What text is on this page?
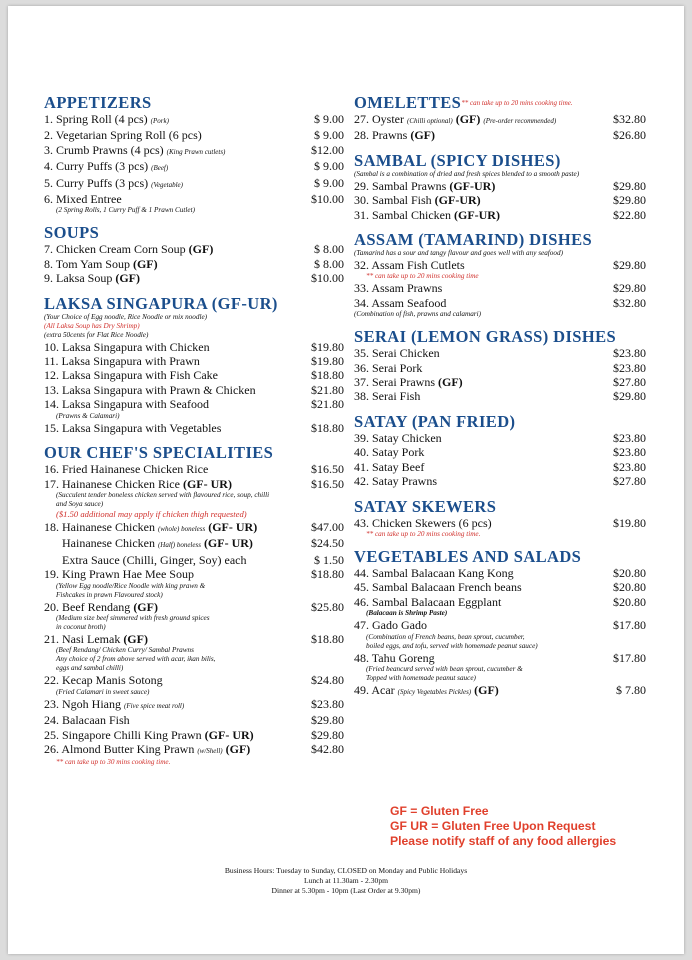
APPETIZERS
1. Spring Roll (4 pcs) (Pork)	$ 9.00
2. Vegetarian Spring Roll (6 pcs)	$ 9.00
3. Crumb Prawns (4 pcs) (King Prawn cutlets)	$12.00
4. Curry Puffs (3 pcs) (Beef)	$ 9.00
5. Curry Puffs (3 pcs) (Vegetable)	$ 9.00
6. Mixed Entree	$10.00
(2 Spring Rolls, 1 Curry Puff & 1 Prawn Cutlet)
SOUPS
7. Chicken Cream Corn Soup (GF)	$ 8.00
8. Tom Yam Soup (GF)	$ 8.00
9. Laksa Soup (GF)	$10.00
LAKSA SINGAPURA (GF-UR)
(Your Choice of Egg noodle, Rice Noodle or mix noodle)
(All Laksa Soup has Dry Shrimp)
(extra 50cents for Flat Rice Noodle)
10. Laksa Singapura with Chicken	$19.80
11. Laksa Singapura with Prawn	$19.80
12. Laksa Singapura with Fish Cake	$18.80
13. Laksa Singapura with Prawn & Chicken	$21.80
14. Laksa Singapura with Seafood	$21.80
(Prawns & Calamari)
15. Laksa Singapura with Vegetables	$18.80
OUR CHEF'S SPECIALITIES
16. Fried Hainanese Chicken Rice	$16.50
17. Hainanese Chicken Rice (GF- UR)	$16.50
(Succulent tender boneless chicken served with flavoured rice, soup, chilli
and Soya sauce)
($1.50 additional may apply if chicken thigh requested)
18. Hainanese Chicken (whole) boneless (GF- UR)	$47.00
Hainanese Chicken (Half) boneless (GF- UR)	$24.50
Extra Sauce (Chilli, Ginger, Soy) each	$ 1.50
19. King Prawn Hae Mee Soup	$18.80
(Yellow Egg noodle/Rice Noodle with king prawn &
Fishcakes in prawn Flavoured stock)
20. Beef Rendang (GF)	$25.80
(Medium size beef simmered with fresh ground spices
in coconut broth)
21. Nasi Lemak (GF)	$18.80
(Beef Rendang/ Chicken Curry/ Sambal Prawns
Any choice of 2 from above served with acar, ikan bilis,
eggs and sambal chilli)
22. Kecap Manis Sotong	$24.80
(Fried Calamari in sweet sauce)
23. Ngoh Hiang (Five spice meat roll)	$23.80
24. Balacaan Fish	$29.80
25. Singapore Chilli King Prawn (GF- UR)	$29.80
26. Almond Butter King Prawn (w/Shell) (GF)	$42.80
** can take up to 30 mins cooking time.
$OMELETTES^{** can take up to 20 mins cooking time.}$
27. Oyster (Chilli optional) (GF) (Pre-order recommended)	$32.80
28. Prawns (GF)	$26.80
SAMBAL (SPICY DISHES)
(Sambal is a combination of dried and fresh spices blended to a smooth paste)
29. Sambal Prawns (GF-UR)	$29.80
30. Sambal Fish (GF-UR)	$29.80
31. Sambal Chicken (GF-UR)	$22.80
ASSAM (TAMARIND) DISHES
(Tamarind has a sour and tangy flavour and goes well with any seafood)
32. Assam Fish Cutlets	$29.80
** can take up to 20 mins cooking time
33. Assam Prawns	$29.80
34. Assam Seafood	$32.80
(Combination of fish, prawns and calamari)
SERAI (LEMON GRASS) DISHES
35. Serai Chicken	$23.80
36. Serai Pork	$23.80
37. Serai Prawns (GF)	$27.80
38. Serai Fish	$29.80
SATAY (PAN FRIED)
39. Satay Chicken	$23.80
40. Satay Pork	$23.80
41. Satay Beef	$23.80
42. Satay Prawns	$27.80
SATAY SKEWERS
43. Chicken Skewers (6 pcs)	$19.80
** can take up to 20 mins cooking time.
VEGETABLES AND SALADS
44. Sambal Balacaan Kang Kong	$20.80
45. Sambal Balacaan French beans	$20.80
46. Sambal Balacaan Eggplant	$20.80
(Balacaan is Shrimp Paste)
47. Gado Gado	$17.80
(Combination of French beans, bean sprout, cucumber,
boiled eggs, and tofu, served with homemade peanut sauce)
48. Tahu Goreng	$17.80
(Fried beancurd served with bean sprout, cucumber &
Topped with homemade peanut sauce)
49. Acar (Spicy Vegetables Pickles) (GF)	$ 7.80
GF = Gluten Free
GF UR = Gluten Free Upon Request
Please notify staff of any food allergies
Business Hours: Tuesday to Sunday, CLOSED on Monday and Public Holidays
Lunch at 11.30am - 2.30pm
Dinner at 5.30pm - 10pm (Last Order at 9.30pm)
